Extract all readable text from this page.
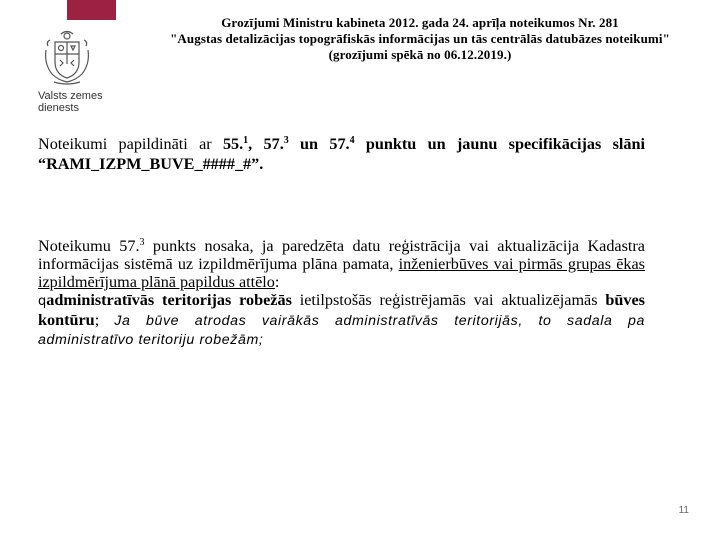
Valsts zemes
dienests
Grozījumi Ministru kabineta 2012. gada 24. aprīļa noteikumos Nr. 281
"Augstas detalizācijas topogrāfiskās informācijas un tās centrālās datubāzes noteikumi"
(grozījumi spēkā no 06.12.2019.)
Noteikumi papildināti ar 55.$^1$, 57.$^3$ un 57.$^4$ punktu un jaunu specifikācijas slāni “RAMI_IZPM_BUVE_####_#”.
Noteikumu 57.$^3$ punkts nosaka, ja paredzēta datu reģistrācija vai aktualizācija Kadastra informācijas sistēmā uz izpildmērījuma plāna pamata, inženierbūves vai pirmās grupas ēkas izpildmērījuma plānā papildus attēlo:
qadministratīvās teritorijas robežās ietilpstošās reģistrējamās vai aktualizējamās būves kontūru; Ja būve atrodas vairākās administratīvās teritorijās, to sadala pa administratīvo teritoriju robežām;
11
